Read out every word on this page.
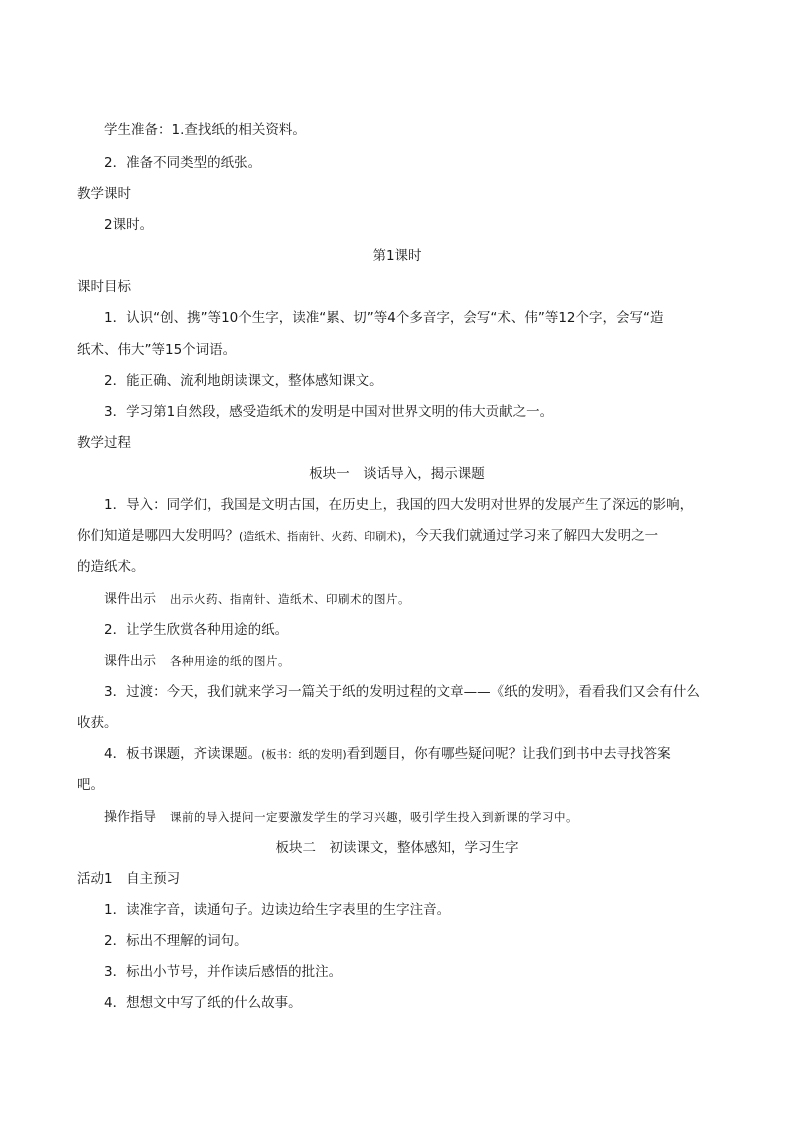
学生准备：1.查找纸的相关资料。
2．准备不同类型的纸张。
教学课时
2课时。
第1课时
课时目标
1．认识“创、携”等10个生字，读准“累、切”等4个多音字，会写“术、伟”等12个字，会写“造
纸术、伟大”等15个词语。
2．能正确、流利地朗读课文，整体感知课文。
3．学习第1自然段，感受造纸术的发明是中国对世界文明的伟大贡献之一。
教学过程
板块一　谈话导入，揭示课题
1．导入：同学们，我国是文明古国，在历史上，我国的四大发明对世界的发展产生了深远的影响，
你们知道是哪四大发明吗？(造纸术、指南针、火药、印刷术)，今天我们就通过学习来了解四大发明之一
的造纸术。
课件出示 出示火药、指南针、造纸术、印刷术的图片。
2．让学生欣赏各种用途的纸。
课件出示 各种用途的纸的图片。
3．过渡：今天，我们就来学习一篇关于纸的发明过程的文章——《纸的发明》，看看我们又会有什么
收获。
4．板书课题，齐读课题。(板书：纸的发明)看到题目，你有哪些疑问呢？让我们到书中去寻找答案
吧。
操作指导 课前的导入提问一定要激发学生的学习兴趣，吸引学生投入到新课的学习中。
板块二　初读课文，整体感知，学习生字
活动1　自主预习
1．读准字音，读通句子。边读边给生字表里的生字注音。
2．标出不理解的词句。
3．标出小节号，并作读后感悟的批注。
4．想想文中写了纸的什么故事。
